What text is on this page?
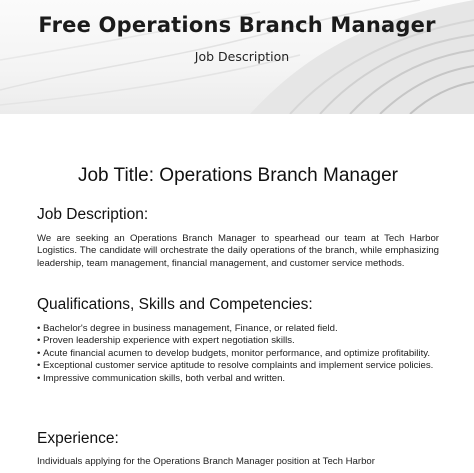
Free Operations Branch Manager
Job Description
Job Title: Operations Branch Manager
Job Description:

We are seeking an Operations Branch Manager to spearhead our team at Tech Harbor Logistics. The candidate will orchestrate the daily operations of the branch, while emphasizing leadership, team management, financial management, and customer service methods.

Qualifications, Skills and Competencies:
• Bachelor's degree in business management, Finance, or related field.
• Proven leadership experience with expert negotiation skills.
• Acute financial acumen to develop budgets, monitor performance, and optimize profitability.
• Exceptional customer service aptitude to resolve complaints and implement service policies.
• Impressive communication skills, both verbal and written.
Experience:

Individuals applying for the Operations Branch Manager position at Tech Harbor
